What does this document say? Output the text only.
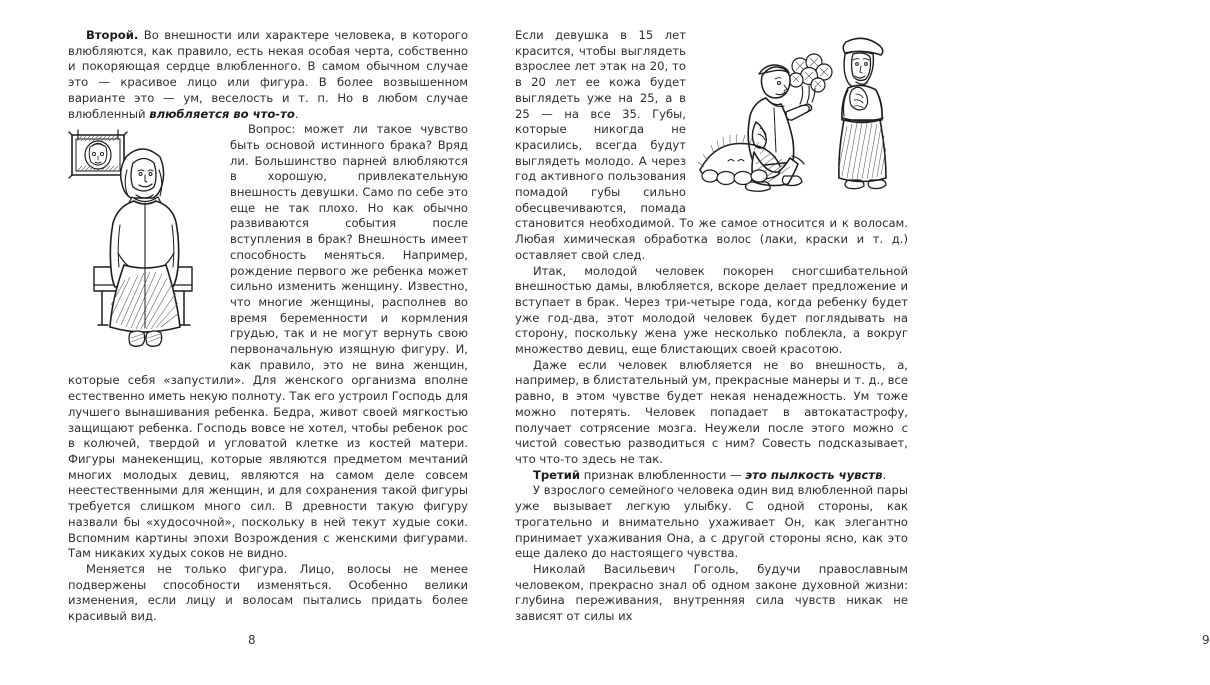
Второй. Во внешности или характере человека, в которого влюбляются, как правило, есть некая особая черта, собственно и покоряющая сердце влюбленного. В самом обычном случае это — красивое лицо или фигура. В более возвышенном варианте это — ум, веселость и т. п. Но в любом случае влюбленный влюбляется во что-то.

Вопрос: может ли такое чувство быть основой истинного брака? Вряд ли. Большинство парней влюбляются в хорошую, привлекательную внешность девушки. Само по себе это еще не так плохо. Но как обычно развиваются события после вступления в брак? Внешность имеет способность меняться. Например, рождение первого же ребенка может сильно изменить женщину. Известно, что многие женщины, располнев во время беременности и кормления грудью, так и не могут вернуть свою первоначальную изящную фигуру. И, как правило, это не вина женщин, которые себя «запустили». Для женского организма вполне естественно иметь некую полноту. Так его устроил Господь для лучшего вынашивания ребенка. Бедра, живот своей мягкостью защищают ребенка. Господь вовсе не хотел, чтобы ребенок рос в колючей, твердой и угловатой клетке из костей матери. Фигуры манекенщиц, которые являются предметом мечтаний многих молодых девиц, являются на самом деле совсем неестественными для женщин, и для сохранения такой фигуры требуется слишком много сил. В древности такую фигуру назвали бы «худосочной», поскольку в ней текут худые соки. Вспомним картины эпохи Возрождения с женскими фигурами. Там никаких худых соков не видно.

Меняется не только фигура. Лицо, волосы не менее подвержены способности изменяться. Особенно велики изменения, если лицу и волосам пытались придать более красивый вид.

8

Если девушка в 15 лет красится, чтобы выглядеть взрослее лет этак на 20, то в 20 лет ее кожа будет выглядеть уже на 25, а в 25 — на все 35. Губы, которые никогда не красились, всегда будут выглядеть молодо. А через год активного пользования помадой губы сильно обесцвечиваются, помада становится необходимой. То же самое относится и к волосам. Любая химическая обработка волос (лаки, краски и т. д.) оставляет свой след.

Итак, молодой человек покорен сногсшибательной внешностью дамы, влюбляется, вскоре делает предложение и вступает в брак. Через три-четыре года, когда ребенку будет уже год-два, этот молодой человек будет поглядывать на сторону, поскольку жена уже несколько поблекла, а вокруг множество девиц, еще блистающих своей красотою.

Даже если человек влюбляется не во внешность, а, например, в блистательный ум, прекрасные манеры и т. д., все равно, в этом чувстве будет некая ненадежность. Ум тоже можно потерять. Человек попадает в автокатастрофу, получает сотрясение мозга. Неужели после этого можно с чистой совестью разводиться с ним? Совесть подсказывает, что что-то здесь не так.

Третий признак влюбленности — это пылкость чувств.

У взрослого семейного человека один вид влюбленной пары уже вызывает легкую улыбку. С одной стороны, как трогательно и внимательно ухаживает Он, как элегантно принимает ухаживания Она, а с другой стороны ясно, как это еще далеко до настоящего чувства.

Николай Васильевич Гоголь, будучи православным человеком, прекрасно знал об одном законе духовной жизни: глубина переживания, внутренняя сила чувств никак не зависят от силы их

9
